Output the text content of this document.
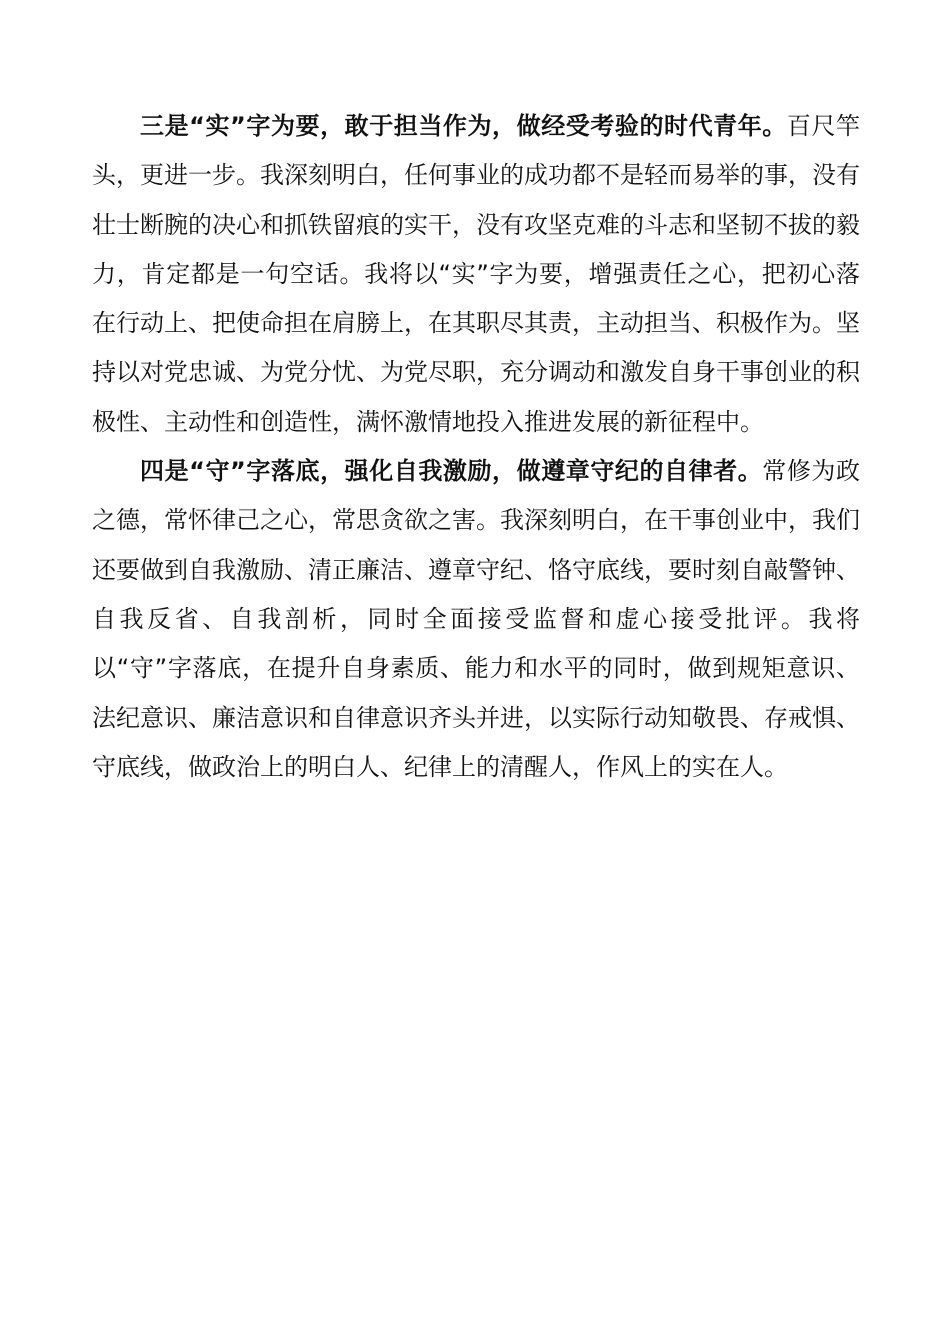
三是“实”字为要，敢于担当作为，做经受考验的时代青年。百尺竿头，更进一步。我深刻明白，任何事业的成功都不是轻而易举的事，没有壮士断腕的决心和抓铁留痕的实干，没有攻坚克难的斗志和坚韧不拔的毅力，肯定都是一句空话。我将以“实”字为要，增强责任之心，把初心落在行动上、把使命担在肩膀上，在其职尽其责，主动担当、积极作为。坚持以对党忠诚、为党分忧、为党尽职，充分调动和激发自身干事创业的积极性、主动性和创造性，满怀激情地投入推进发展的新征程中。

四是“守”字落底，强化自我激励，做遵章守纪的自律者。常修为政之德，常怀律己之心，常思贪欲之害。我深刻明白，在干事创业中，我们还要做到自我激励、清正廉洁、遵章守纪、恪守底线，要时刻自敲警钟、自我反省、自我剖析，同时全面接受监督和虚心接受批评。我将以“守”字落底，在提升自身素质、能力和水平的同时，做到规矩意识、法纪意识、廉洁意识和自律意识齐头并进，以实际行动知敬畏、存戒惧、守底线，做政治上的明白人、纪律上的清醒人，作风上的实在人。
